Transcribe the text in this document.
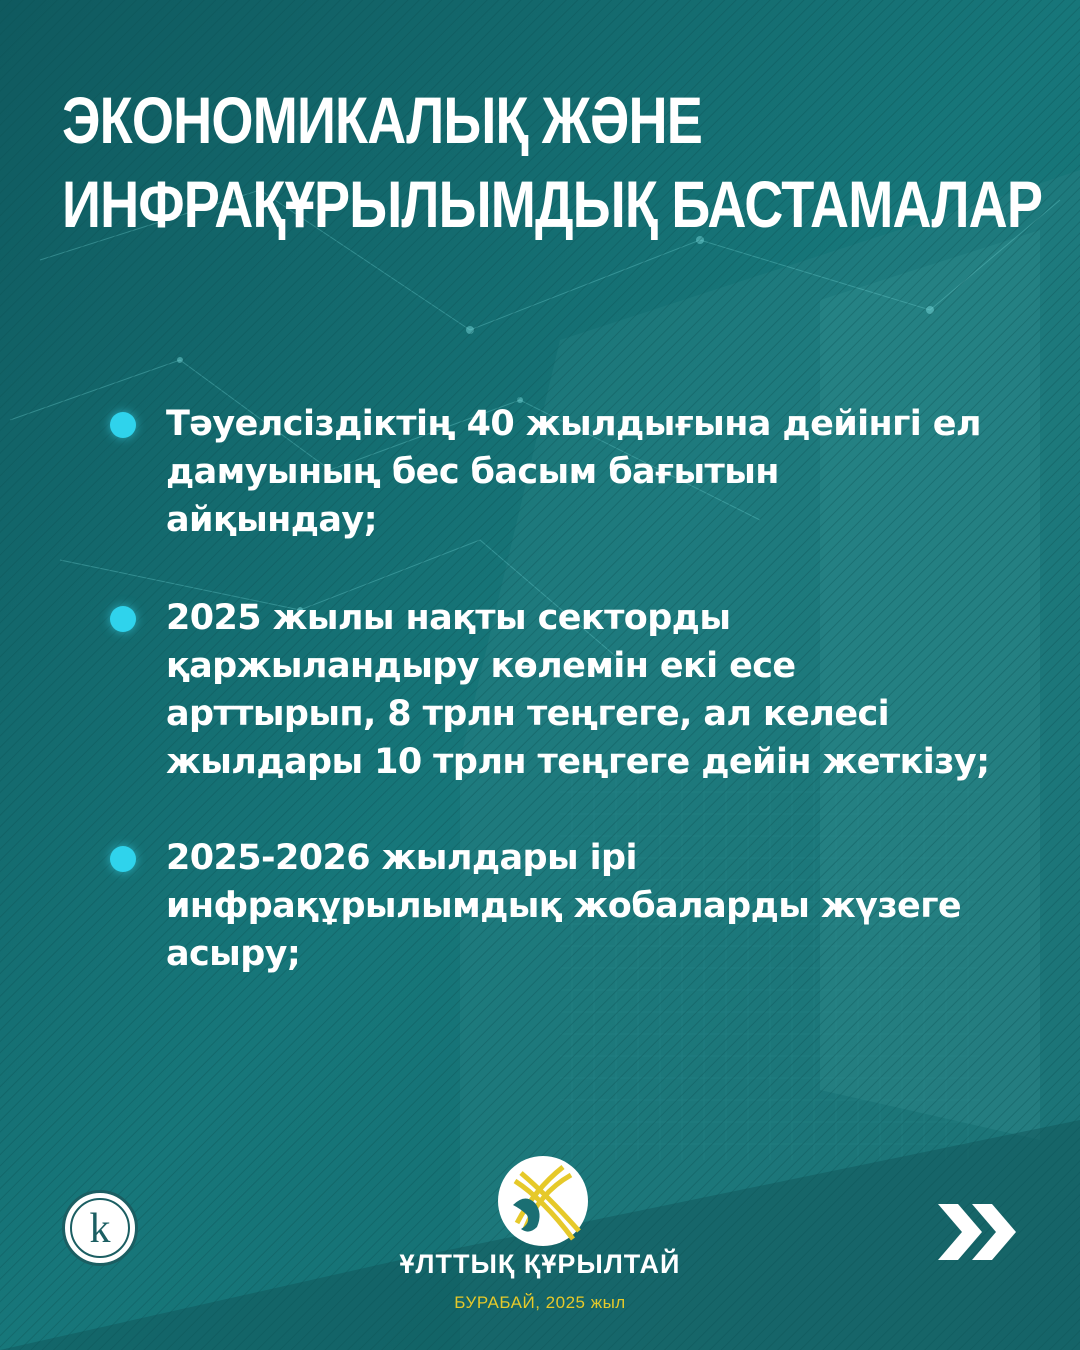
ЭКОНОМИКАЛЫҚ ЖӘНЕ
ИНФРАҚҰРЫЛЫМДЫҚ БАСТАМАЛАР
Тәуелсіздіктің 40 жылдығына дейінгі ел
дамуының бес басым бағытын
айқындау;
2025 жылы нақты секторды
қаржыландыру көлемін екі есе
арттырып, 8 трлн теңгеге, ал келесі
жылдары 10 трлн теңгеге дейін жеткізу;
2025-2026 жылдары ірі
инфрақұрылымдық жобаларды жүзеге
асыру;
k
ҰЛТТЫҚ ҚҰРЫЛТАЙ
БУРАБАЙ, 2025 жыл
